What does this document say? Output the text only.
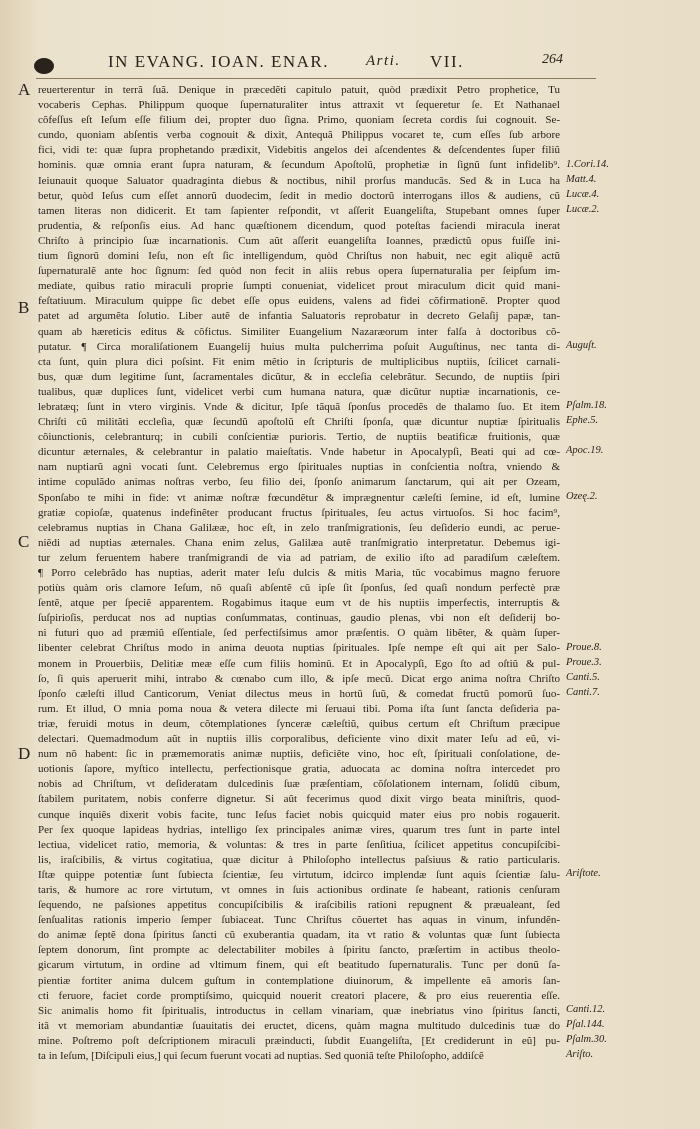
IN EVANG. IOAN. ENAR. Arti. VII.	264
A
B
C
D
reuerterentur in terrã ſuã. Denique in præcedẽti capitulo patuit, quòd prædixit Petro prophetice, Tu
vocaberis Cephas. Philippum quoque ſupernaturaliter intus attraxit vt ſequeretur ſe. Et Nathanael
cõfeſſus eſt Ieſum eſſe filium dei, propter duo ſigna. Primo, quoniam ſecreta cordis ſui cognouit. Se-
cundo, quoniam abſentis verba cognouit & dixit, Antequã Philippus vocaret te, cum eſſes ſub arbore
fici, vidi te: quæ ſupra prophetando prædixit, Videbitis angelos dei aſcendentes & deſcendentes ſuper filiũ
hominis. quæ omnia erant ſupra naturam, & ſecundum Apoſtolũ, prophetiæ in ſignũ ſunt infidelib⁹.
Ieiunauit quoque Saluator quadraginta diebus & noctibus, nihil prorſus manducãs. Sed & in Luca ha
betur, quòd Ieſus cum eſſet annorũ duodecim, ſedit in medio doctorũ interrogans illos & audiens, cũ
tamen literas non didicerit. Et tam ſapienter reſpondit, vt aſſerit Euangeliſta, Stupebant omnes ſuper
prudentia, & reſponſis eius. Ad hanc quæſtionem dicendum, quod poteſtas faciendi miracula inerat
Chriſto à principio ſuæ incarnationis. Cum aũt aſſerit euangeliſta Ioannes, prædictũ opus fuiſſe ini-
tium ſignorũ domini Ieſu, non eſt ſic intelligendum, quòd Chriſtus non habuit, nec egit aliquẽ actũ
ſupernaturalẽ ante hoc ſignum: ſed quòd non fecit in aliis rebus opera ſupernaturalia per ſeipſum im-
mediate, quibus ratio miraculi proprie ſumpti conueniat, videlicet prout miraculum dicit quid mani-
feſtatiuum. Miraculum quippe ſic debet eſſe opus euidens, valens ad fidei cõfirmationẽ. Propter quod
patet ad argumẽta ſolutio. Liber autẽ de infantia Saluatoris reprobatur in decreto Gelaſij papæ, tan-
quam ab hæreticis editus & cõfictus. Similiter Euangelium Nazaræorum inter falſa à doctoribus cõ-
putatur. ¶ Circa moraliſationem Euangelij huius multa pulcherrima poſuit Auguſtinus, nec tanta di-
cta ſunt, quin plura dici poſsint. Fit enim mẽtio in ſcripturis de multiplicibus nuptiis, ſcilicet carnali-
bus, quæ dum legitime ſunt, ſacramentales dicũtur, & in eccleſia celebrãtur. Secundo, de nuptiis ſpiri
tualibus, quæ duplices ſunt, videlicet verbi cum humana natura, quæ dicũtur nuptiæ incarnationis, ce-
lebratæq; ſunt in vtero virginis. Vnde & dicitur, Ipſe tãquã ſponſus procedẽs de thalamo ſuo. Et item
Chriſti cũ militãti eccleſia, quæ ſecundũ apoſtolũ eſt Chriſti ſponſa, quæ dicuntur nuptiæ ſpiritualis
cõiunctionis, celebranturq; in cubili conſcientiæ purioris. Tertio, de nuptiis beatificæ fruitionis, quæ
dicuntur æternales, & celebrantur in palatio maieſtatis. Vnde habetur in Apocalypſi, Beati qui ad cœ-
nam nuptiarũ agni vocati ſunt. Celebremus ergo ſpirituales nuptias in conſcientia noſtra, vniendo &
intime copulãdo animas noſtras verbo, ſeu filio dei, ſponſo animarum ſanctarum, qui ait per Ozeam,
Sponſabo te mihi in fide: vt animæ noſtræ fœcundẽtur & imprægnentur cæleſti ſemine, id eſt, lumine
gratiæ copioſæ, quatenus indefinẽter producant fructus ſpirituales, ſeu actus virtuoſos. Si hoc facim⁹,
celebramus nuptias in Chana Galilææ, hoc eſt, in zelo tranſmigrationis, ſeu deſiderio eundi, ac perue-
niẽdi ad nuptias æternales. Chana enim zelus, Galilæa autẽ tranſmigratio interpretatur. Debemus igi-
tur zelum feruentem habere tranſmigrandi de via ad patriam, de exilio iſto ad paradiſum cæleſtem.
¶ Porro celebrãdo has nuptias, aderit mater Ieſu dulcis & mitis Maria, tũc vocabimus magno feruore
potiùs quàm oris clamore Ieſum, nõ quaſi abſentẽ cũ ipſe ſit ſponſus, ſed quaſi nondum perfectè præ
ſentẽ, atque per ſpeciẽ apparentem. Rogabimus itaque eum vt de his nuptiis imperfectis, interruptis &
ſuſpirioſis, perducat nos ad nuptias conſummatas, continuas, gaudio plenas, vbi non eſt deſiderij bo-
ni futuri quo ad præmiũ eſſentiale, ſed perfectiſsimus amor præſentis. O quàm libẽter, & quàm ſuper-
libenter celebrat Chriſtus modo in anima deuota nuptias ſpirituales. Ipſe nempe eſt qui ait per Salo-
monem in Prouerbiis, Delitiæ meæ eſſe cum filiis hominũ. Et in Apocalypſi, Ego ſto ad oſtiũ & pul-
ſo, ſi quis aperuerit mihi, intrabo & cœnabo cum illo, & ipſe mecũ. Dicat ergo anima noſtra Chriſto
ſponſo cæleſti illud Canticorum, Veniat dilectus meus in hortũ ſuũ, & comedat fructũ pomorũ ſuo-
rum. Et illud, O mnia poma noua & vetera dilecte mi ſeruaui tibi. Poma iſta ſunt ſancta deſideria pa-
triæ, feruidi motus in deum, cõtemplationes ſynceræ cæleſtiũ, quibus certum eſt Chriſtum præcipue
delectari. Quemadmodum aũt in nuptiis illis corporalibus, deficiente vino dixit mater Ieſu ad eũ, vi-
num nõ habent: ſic in præmemoratis animæ nuptiis, deficiẽte vino, hoc eſt, ſpirituali conſolatione, de-
uotionis ſapore, myſtico intellectu, perfectionisque gratia, aduocata ac domina noſtra intercedet pro
nobis ad Chriſtum, vt deſideratam dulcedinis ſuæ præſentiam, cõſolationem internam, ſolidũ cibum,
ſtabilem puritatem, nobis conferre dignetur. Si aũt fecerimus quod dixit virgo beata miniſtris, quod-
cunque inquiẽs dixerit vobis facite, tunc Ieſus faciet nobis quicquid mater eius pro nobis rogauerit.
Per ſex quoque lapideas hydrias, intelligo ſex principales animæ vires, quarum tres ſunt in parte intel
lectiua, videlicet ratio, memoria, & voluntas: & tres in parte ſenſitiua, ſcilicet appetitus concupiſcibi-
lis, iraſcibilis, & virtus cogitatiua, quæ dicitur à Philoſopho intellectus paſsiuus & ratio particularis.
Iſtæ quippe potentiæ ſunt ſubiecta ſcientiæ, ſeu virtutum, idcirco implendæ ſunt aquis ſcientiæ ſalu-
taris, & humore ac rore virtutum, vt omnes in ſuis actionibus ordinate ſe habeant, rationis cenſuram
ſequendo, ne paſsiones appetitus concupiſcibilis & iraſcibilis rationi repugnent & præualeant, ſed
ſenſualitas rationis imperio ſemper ſubiaceat. Tunc Chriſtus cõuertet has aquas in vinum, infundẽn-
do animæ ſeptẽ dona ſpiritus ſancti cũ exuberantia quadam, ita vt ratio & voluntas quæ ſunt ſubiecta
ſeptem donorum, ſint prompte ac delectabiliter mobiles à ſpiritu ſancto, præſertim in actibus theolo-
gicarum virtutum, in ordine ad vltimum finem, qui eſt beatitudo ſupernaturalis. Tunc per donũ ſa-
pientiæ fortiter anima dulcem guſtum in contemplatione diuinorum, & impellente eã amoris ſan-
cti feruore, faciet corde promptiſsimo, quicquid nouerit creatori placere, & pro eius reuerentia eſſe.
Sic animalis homo fit ſpiritualis, introductus in cellam vinariam, quæ inebriatus vino ſpiritus ſancti,
itã vt memoriam abundantiæ ſuauitatis dei eructet, dicens, quàm magna multitudo dulcedinis tuæ do
mine. Poſtremo poſt deſcriptionem miraculi præinducti, ſubdit Euangeliſta, [Et crediderunt in eũ] pu-
ta in Ieſum, [Diſcipuli eius,] qui ſecum fuerunt vocati ad nuptias. Sed quoniã teſte Philoſopho, addiſcẽ
1.Cori.14.
Matt.4.
Lucæ.4.
Lucæ.2.
Auguſt.
Pſalm.18.
Ephe.5.
Apoc.19.
Ozeę.2.
Proue.8.
Proue.3.
Canti.5.
Canti.7.
Ariſtote.
Canti.12.
Pſal.144.
Pſalm.30.
Ariſto.
